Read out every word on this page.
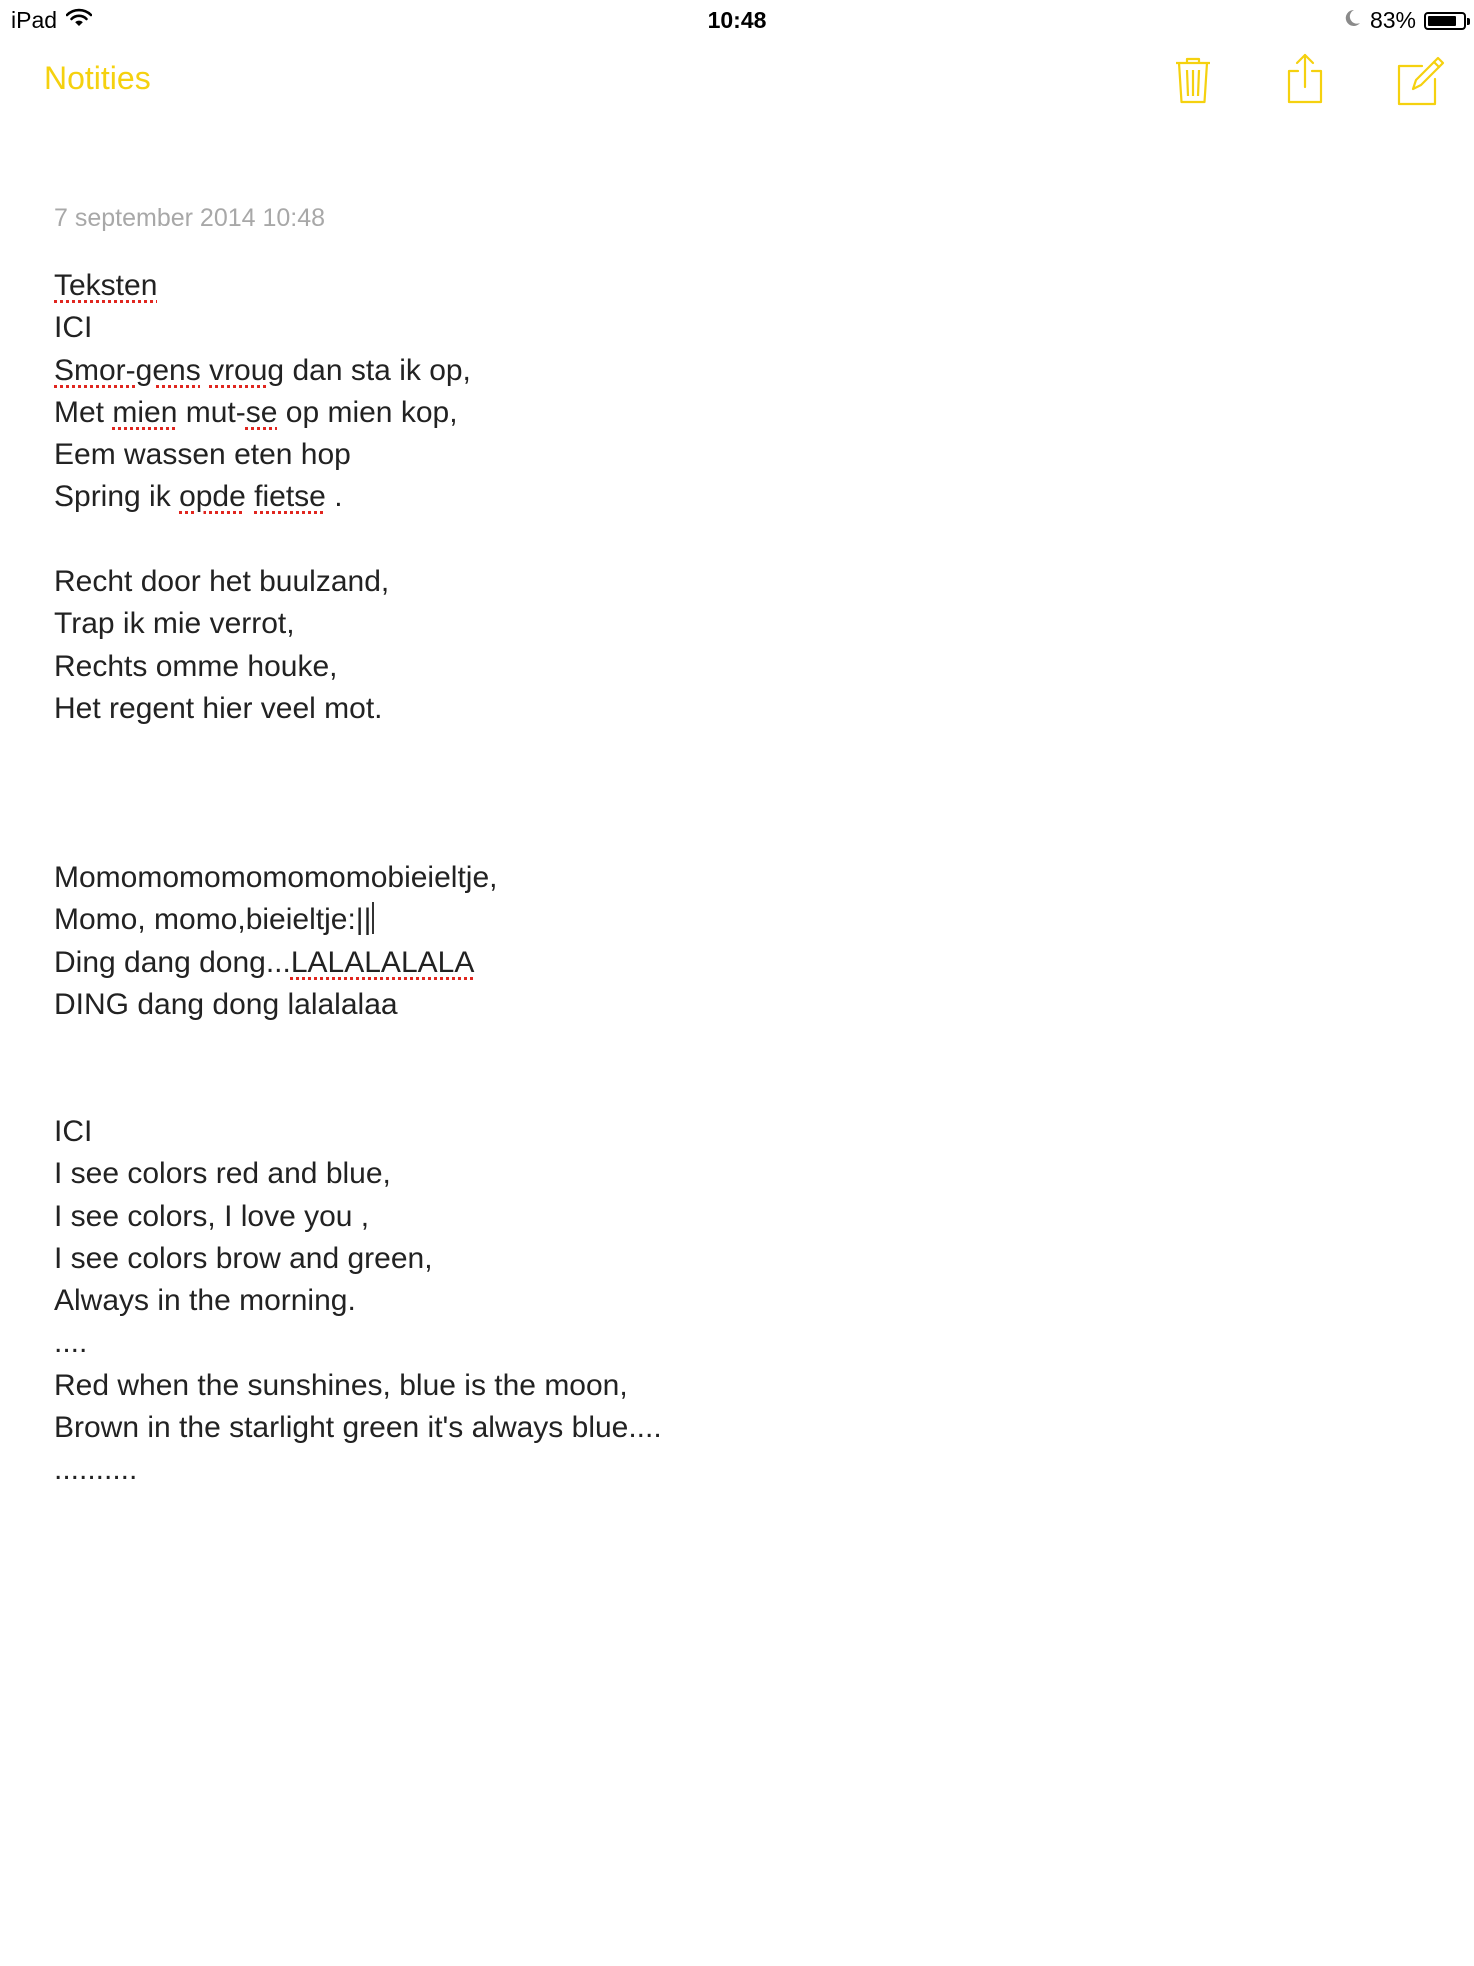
iPad	10:48	83%
Notities
7 september 2014 10:48
Teksten
ICI
Smor-gens vroug dan sta ik op,
Met mien mut-se op mien kop,
Eem wassen eten hop
Spring ik opde fietse .
Recht door het buulzand,
Trap ik mie verrot,
Rechts omme houke,
Het regent hier veel mot.
Momomomomomomomobieieltje,
Momo, momo,bieieltje:||
Ding dang dong...LALALALALA
DING dang dong lalalalaa
ICI
I see colors red and blue,
I see colors, I love you ,
I see colors brow and green,
Always in the morning.
....
Red when the sunshines, blue is the moon,
Brown in the starlight green it's always blue....
..........
